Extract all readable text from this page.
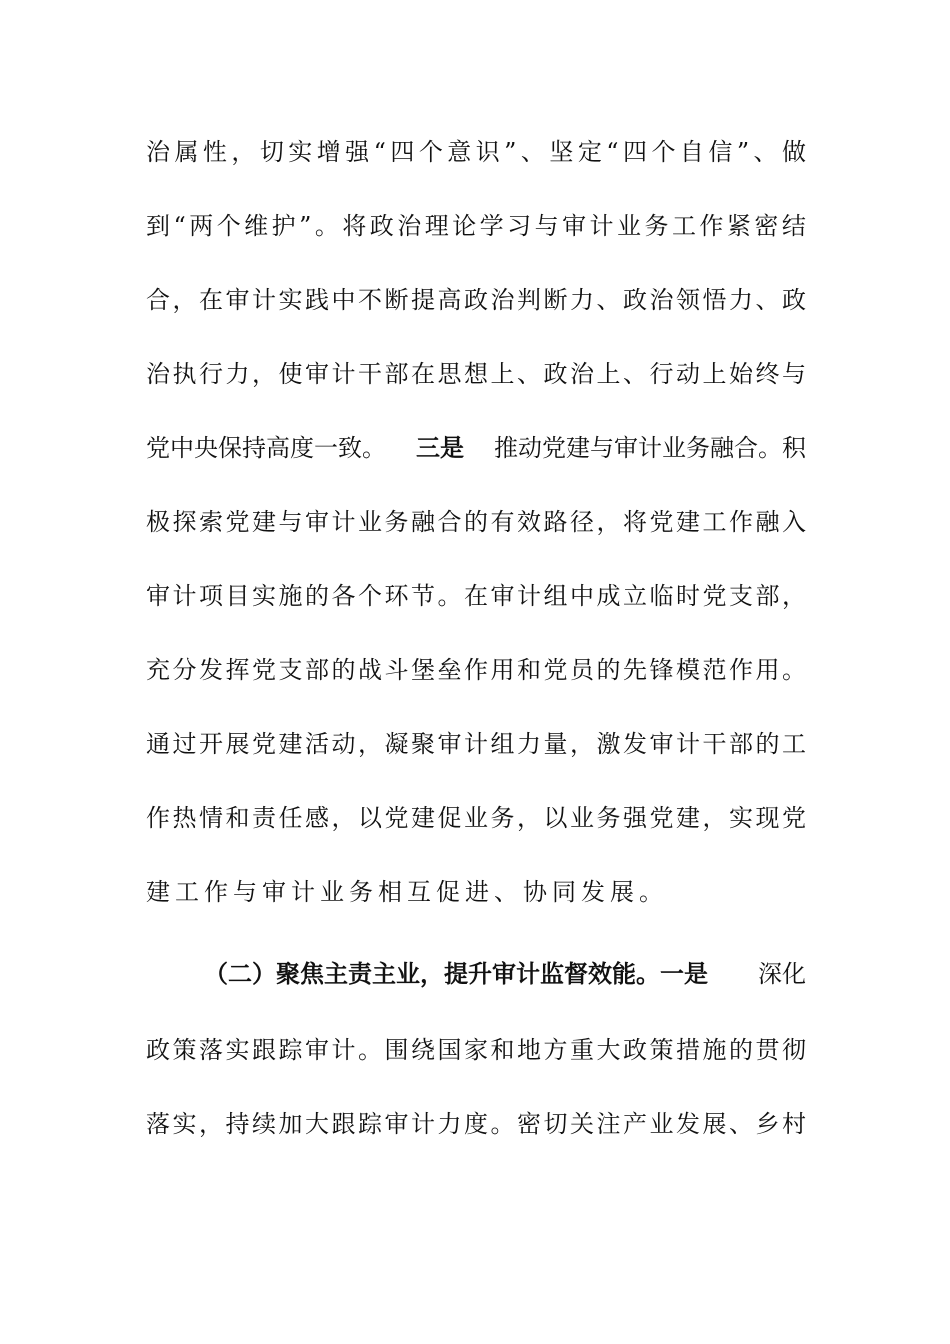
治 属 性 ， 切 实 增 强 “ 四 个 意 识 ” 、 坚 定 “ 四 个 自 信 ” 、 做
到 “ 两 个 维 护 ” 。 将 政 治 理 论 学 习 与 审 计 业 务 工 作 紧 密 结
合 ， 在 审 计 实 践 中 不 断 提 高 政 治 判 断 力 、 政 治 领 悟 力 、 政
治 执 行 力 ， 使 审 计 干 部 在 思 想 上 、 政 治 上 、 行 动 上 始 终 与
党中央保持高度一致。 三是 推动党建与审计业务融合。积
极 探 索 党 建 与 审 计 业 务 融 合 的 有 效 路 径 ， 将 党 建 工 作 融 入
审 计 项 目 实 施 的 各 个 环 节 。 在 审 计 组 中 成 立 临 时 党 支 部 ，
充 分 发 挥 党 支 部 的 战 斗 堡 垒 作 用 和 党 员 的 先 锋 模 范 作 用 。
通 过 开 展 党 建 活 动 ， 凝 聚 审 计 组 力 量 ， 激 发 审 计 干 部 的 工
作 热 情 和 责 任 感 ， 以 党 建 促 业 务 ， 以 业 务 强 党 建 ， 实 现 党
建工作与审计业务相互促进、协同发展。
（二）聚焦主责主业，提升审计监督效能。一是 深化
政 策 落 实 跟 踪 审 计 。 围 绕 国 家 和 地 方 重 大 政 策 措 施 的 贯 彻
落 实 ， 持 续 加 大 跟 踪 审 计 力 度 。 密 切 关 注 产 业 发 展 、 乡 村
